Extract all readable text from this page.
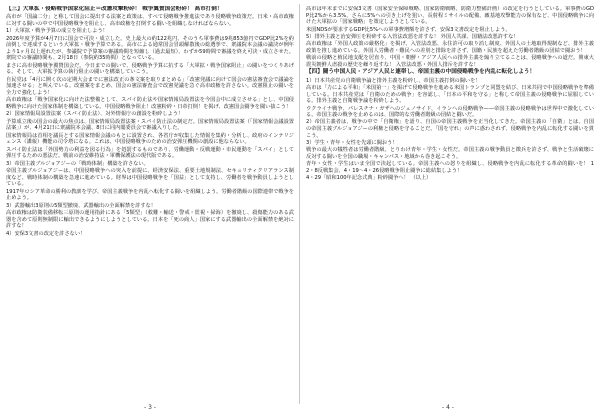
【三】大軍拡・侵略戦争国家化阻止＝改憲攻撃粉砕！ 戦争翼賛国会粉砕！ 高市打倒！
高市が「国論二分」と称して国会に提出する法案と政策は、すべて侵略戦争推進法であり侵略戦争政策だ。日米・高市政権に対する闘いの中で中国侵略戦争を阻止し、高市政権を打倒する闘いを組織しなければならない。
1）大軍拡・戦争予算の成立を阻止しよう！
2026年度予算が4月7日に国会で可決・成立した。史上最大の約122兆円、そのうち軍事費は9兆853億円でGDP比2%を約前倒しで達成するという大軍拡・戦争予算である。高市による通常国会冒頭解散後の総選挙で、衆議院本会議の議決が例年より1ヶ月以上遅れたが、参議院で予算案の審議時間を短縮し（過去最短）、わずか59時間で審議を終え可決・成立させた。衆院での審議時間も、2月18日（参院約35時間）となっている。
まさに高市侵略戦争翼賛国会だ。今日までの闘いで、侵略戦争予算に抗する「大軍拡・戦争国家阻止」の闘いをつくりあげる。そして、大軍拡予算の執行阻止の闘いを構築していこう。
自民党は「4月に開く次の定期大会までに憲法改正の条文案を取りまとめる」「改憲発議に向けて国会の憲法審査会で議論を加速させる」と叫んでいる。改憲案をまとめ、国会の憲法審査会で改憲発議を急ぐ高市政権を許さない。改憲阻止の闘いを全力で強化しよう！
高市政権は「戦争国家化に向けた法整備として、スパイ防止法や国家情報局設置法を今国会中に成立させる」とし、中国侵略戦争に向けた国家体制を構築している。中国侵略戦争阻止！改憲粉砕・日帝打倒！を掲げ、改憲国会闘争を闘い抜こう！
2）国家情報局設置法案（スパイ防止法）、対外情報庁の創設を粉砕しよう！
予算成立後の国会の最大の焦点は、国家情報局設置法案・スパイ防止法の制定だ。国家情報局設置法案（「国家情報会議設置法案」）が、4月21日に衆議院本会議、8日に同内閣委員会で審議入りした。
国家情報局は首相を議長とする国家情報会議のもとに設置され、各省庁が収集した情報を集約・分析し、政府のインテリジェンス（諜報）機能の司令塔になる。これは、中国侵略戦争のための治安弾圧機関の創設に他ならない。
スパイ防止法は「外国勢力の利益を図る行為」を処罰するものであり、労働運動・反戦運動・市民運動を「スパイ」として弾圧するための悪法だ。戦前の治安維持法・軍機保護法の現代版である。
3）帝国主義ブルジョアジーの「戦時体制」構築を許さない。
帝国主義ブルジョアジーは、中国侵略戦争への突入を前提に、経済安保法、重要土地規制法、セキュリティクリアランス制度など、戦時体制の構築を急速に進めている。財界は中国侵略戦争を「国益」として支持し、労働者を戦争動員しようとしている。
1917年ロシア革命の勝利の教訓を学び、帝国主義戦争を内乱へ転化する闘いを組織しよう。労働者階級の国際連帯で戦争を止めよう。
3）武器輸出3原則の5類型撤廃、武器輸出の全面解禁を許すな！
高市政権は防衛装備移転三原則の運用指針にある「5類型」（救難・輸送・警戒・監視・掃海）を撤廃し、殺傷能力のある武器を含めて原則無制限に輸出できるようにしようとしている。日本を「死の商人」国家にする武器輸出の全面解禁を絶対に許すな！
4）安保3文書の改定を許さない！
高市は年末までに安保3文書（国家安全保障戦略、国家防衛戦略、防衛力整備計画）の改定を行うとしている。軍事費のGDP比2%から3.5%、さらに5%への引き上げを狙い、長射程ミサイルの配備、敵基地攻撃能力の保有など、中国侵略戦争に向けた大軍拡の「国家戦略」を策定しようとしている。
米国NDSが要求するGDP比5%への軍事費増額を許さず、安保3文書改定を阻止しよう。
5）排外主義と治安弾圧を粉砕する入管法改悪を許すな！ 外国人共謀、国籍法改悪許すな！
高市政権は「外国人政策の厳格化」を掲げ、入管法改悪、永住許可の取り消し制度、外国人の土地取得規制など、排外主義政策を推し進めている。外国人労働者・難民への差別と排除を許さず、国籍・民族を超えた労働者階級の団結で闘おう！
戦前の侵略と植民地支配を居直り、中国・朝鮮・アジア人民への排外主義を煽り立てることは、侵略戦争への道だ。関東大震災朝鮮人虐殺の歴史を繰り返すな！ 入管法改悪・外国人排斥を許すな！
【四】闘う中国人民・アジア人民と連帯し、帝国主義の中国侵略戦争を内乱に転化しよう！
1）日本共産党の自衛戦争論と排外主義を粉砕し、帝国主義打倒の闘いを！
高市は「力による平和」「米国第一」を掲げて侵略戦争を進める米国トランプと同盟を結び、日米共同で中国侵略戦争を準備している。日本共産党は「自衛のための戦争」を容認し、「日本の平和を守る」と称して帝国主義の侵略戦争に屈服している。排外主義と自衛戦争論を粉砕しよう。
ウクライナ戦争、パレスチナ・ガザへのジェノサイド、イランへの侵略戦争——帝国主義の侵略戦争は世界中で激化している。帝国主義の戦争を止めるのは、国際的な労働者階級の団結と闘いだ。
2）帝国主義者は、戦争の中で「自衛権」を語り、自国の帝国主義戦争を正当化してきた。帝国主義の「自衛」とは、自国の帝国主義ブルジョアジーの利権と侵略を守ることだ。「国を守れ」の声に惑わされず、侵略戦争を内乱に転化する闘いを貫こう。
3）学生・青年・女性を先頭に闘おう！
戦争の最大の犠牲者は労働者階級、とりわけ青年・学生・女性だ。帝国主義の戦争動員と徴兵を許さず、戦争と生活破壊に反対する闘いを全国の職場・キャンパス・地域から巻き起こそう。
青年・女性・学生はいま全国で決起している。帝国主義への怒りを組織し、侵略戦争を内乱に転化する革命的闘いを！ 12・8反戦集会、4・19〜4・26侵略戦争阻止闘争に総結集しよう！
4・29「昭和100年記念式典」粉砕闘争へ！ （以上）
- 3 -	- 4 -
